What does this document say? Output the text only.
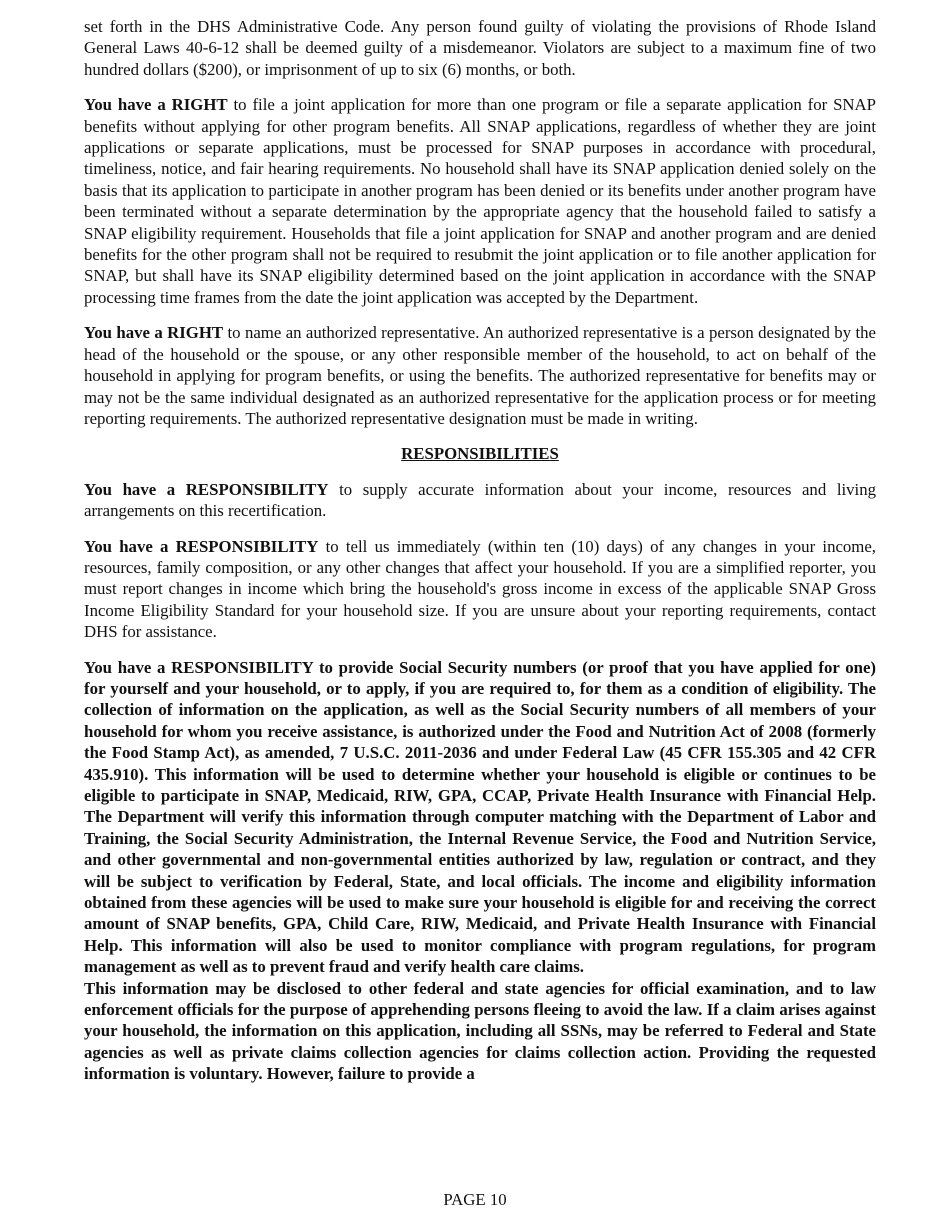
set forth in the DHS Administrative Code. Any person found guilty of violating the provisions of Rhode Island General Laws 40-6-12 shall be deemed guilty of a misdemeanor. Violators are subject to a maximum fine of two hundred dollars ($200), or imprisonment of up to six (6) months, or both.

You have a RIGHT to file a joint application for more than one program or file a separate application for SNAP benefits without applying for other program benefits. All SNAP applications, regardless of whether they are joint applications or separate applications, must be processed for SNAP purposes in accordance with procedural, timeliness, notice, and fair hearing requirements. No household shall have its SNAP application denied solely on the basis that its application to participate in another program has been denied or its benefits under another program have been terminated without a separate determination by the appropriate agency that the household failed to satisfy a SNAP eligibility requirement. Households that file a joint application for SNAP and another program and are denied benefits for the other program shall not be required to resubmit the joint application or to file another application for SNAP, but shall have its SNAP eligibility determined based on the joint application in accordance with the SNAP processing time frames from the date the joint application was accepted by the Department.

You have a RIGHT to name an authorized representative. An authorized representative is a person designated by the head of the household or the spouse, or any other responsible member of the household, to act on behalf of the household in applying for program benefits, or using the benefits. The authorized representative for benefits may or may not be the same individual designated as an authorized representative for the application process or for meeting reporting requirements. The authorized representative designation must be made in writing.

RESPONSIBILITIES

You have a RESPONSIBILITY to supply accurate information about your income, resources and living arrangements on this recertification.

You have a RESPONSIBILITY to tell us immediately (within ten (10) days) of any changes in your income, resources, family composition, or any other changes that affect your household. If you are a simplified reporter, you must report changes in income which bring the household's gross income in excess of the applicable SNAP Gross Income Eligibility Standard for your household size. If you are unsure about your reporting requirements, contact DHS for assistance.

You have a RESPONSIBILITY to provide Social Security numbers (or proof that you have applied for one) for yourself and your household, or to apply, if you are required to, for them as a condition of eligibility. The collection of information on the application, as well as the Social Security numbers of all members of your household for whom you receive assistance, is authorized under the Food and Nutrition Act of 2008 (formerly the Food Stamp Act), as amended, 7 U.S.C. 2011-2036 and under Federal Law (45 CFR 155.305 and 42 CFR 435.910). This information will be used to determine whether your household is eligible or continues to be eligible to participate in SNAP, Medicaid, RIW, GPA, CCAP, Private Health Insurance with Financial Help. The Department will verify this information through computer matching with the Department of Labor and Training, the Social Security Administration, the Internal Revenue Service, the Food and Nutrition Service, and other governmental and non-governmental entities authorized by law, regulation or contract, and they will be subject to verification by Federal, State, and local officials. The income and eligibility information obtained from these agencies will be used to make sure your household is eligible for and receiving the correct amount of SNAP benefits, GPA, Child Care, RIW, Medicaid, and Private Health Insurance with Financial Help. This information will also be used to monitor compliance with program regulations, for program management as well as to prevent fraud and verify health care claims.

This information may be disclosed to other federal and state agencies for official examination, and to law enforcement officials for the purpose of apprehending persons fleeing to avoid the law. If a claim arises against your household, the information on this application, including all SSNs, may be referred to Federal and State agencies as well as private claims collection agencies for claims collection action. Providing the requested information is voluntary. However, failure to provide a

PAGE 10
